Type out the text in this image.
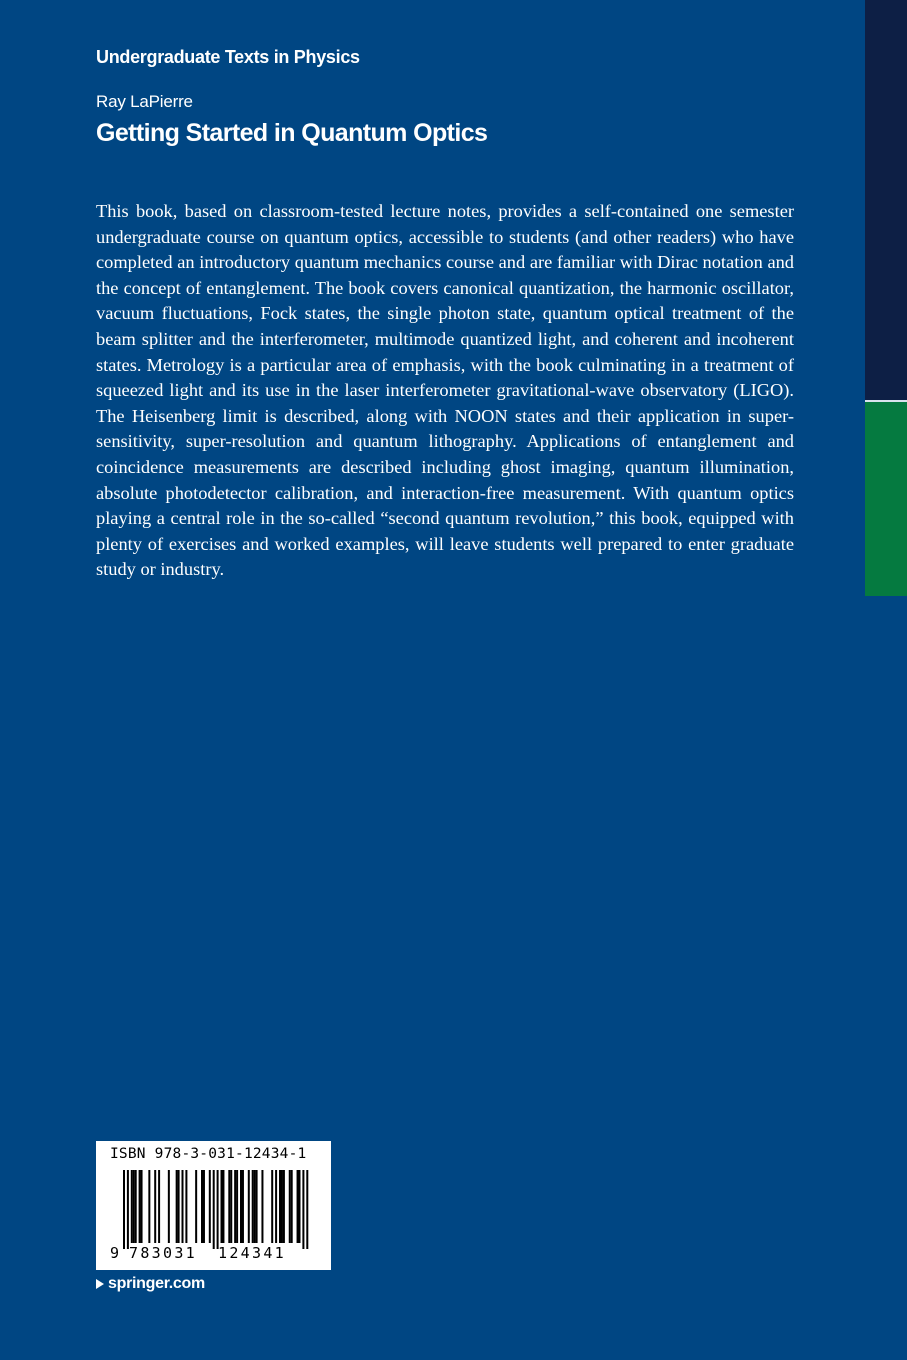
Undergraduate Texts in Physics
Ray LaPierre
Getting Started in Quantum Optics

This book, based on classroom-tested lecture notes, provides a self-contained one semester undergraduate course on quantum optics, accessible to students (and other readers) who have completed an introductory quantum mechanics course and are familiar with Dirac notation and the concept of entanglement. The book covers canonical quantization, the harmonic oscillator, vacuum fluctuations, Fock states, the single photon state, quantum optical treatment of the beam splitter and the interferometer, multimode quantized light, and coherent and incoherent states. Metrology is a particular area of emphasis, with the book culminating in a treatment of squeezed light and its use in the laser interferometer gravitational-wave observatory (LIGO). The Heisenberg limit is described, along with NOON states and their application in super-sensitivity, super-resolution and quantum lithography. Applications of entanglement and coincidence measurements are described including ghost imaging, quantum illumination, absolute photodetector calibration, and interaction-free measurement. With quantum optics playing a central role in the so-called “second quantum revolution,” this book, equipped with plenty of exercises and worked examples, will leave students well prepared to enter graduate study or industry.

ISBN 978-3-031-12434-1
9 783031 124341
springer.com
